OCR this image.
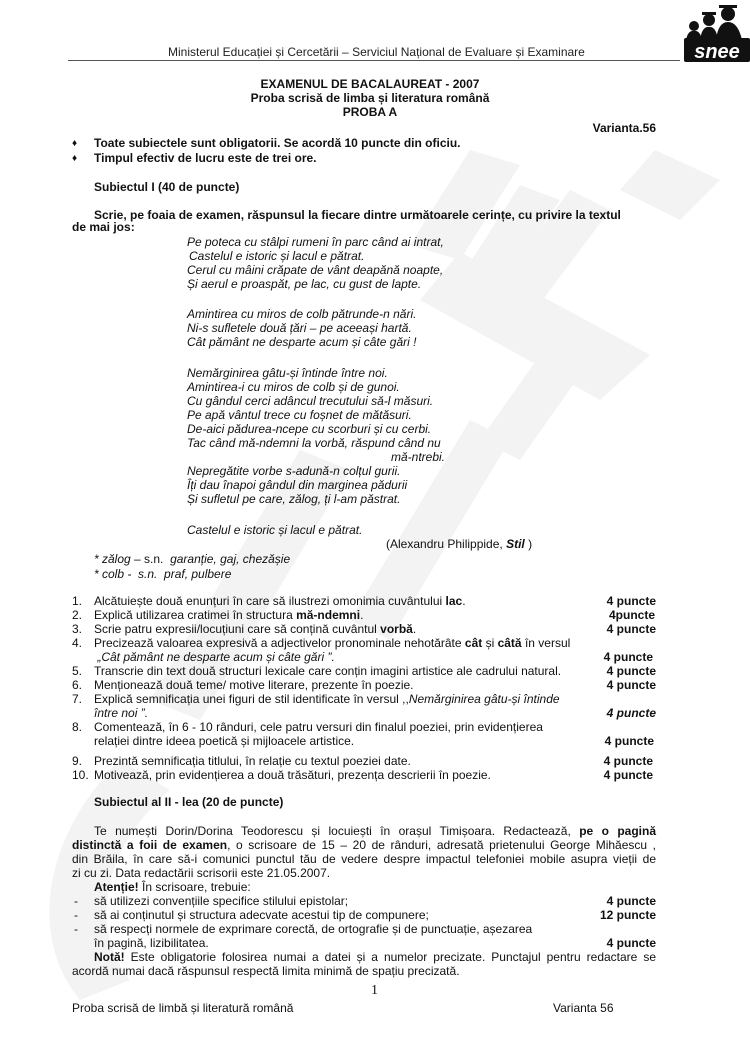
Ministerul Educației și Cercetării – Serviciul Național de Evaluare și Examinare	snee
EXAMENUL DE BACALAUREAT - 2007
Proba scrisă de limba și literatura română
PROBA A
Varianta.56
♦ Toate subiectele sunt obligatorii. Se acordă 10 puncte din oficiu.
♦ Timpul efectiv de lucru este de trei ore.
Subiectul I (40 de puncte)
Scrie, pe foaia de examen, răspunsul la fiecare dintre următoarele cerințe, cu privire la textul
de mai jos:
Pe poteca cu stâlpi rumeni în parc când ai intrat,
Castelul e istoric și lacul e pătrat.
Cerul cu mâini crăpate de vânt deapănă noapte,
Și aerul e proaspăt, pe lac, cu gust de lapte.
Amintirea cu miros de colb pătrunde-n nări.
Ni-s sufletele două țări – pe aceeași hartă.
Cât pământ ne desparte acum și câte gări !
Nemărginirea gâtu-și întinde între noi.
Amintirea-i cu miros de colb și de gunoi.
Cu gândul cerci adâncul trecutului să-l măsuri.
Pe apă vântul trece cu foșnet de mătăsuri.
De-aici pădurea-ncepe cu scorburi și cu cerbi.
Tac când mă-ndemni la vorbă, răspund când nu
mă-ntrebi.
Nepregătite vorbe s-adună-n colțul gurii.
Îți dau înapoi gândul din marginea pădurii
Și sufletul pe care, zălog, ți l-am păstrat.
Castelul e istoric și lacul e pătrat.
(Alexandru Philippide, Stil )
* zălog – s.n.  garanție, gaj, chezășie
* colb -  s.n.  praf, pulbere
1. Alcătuiește două enunțuri în care să ilustrezi omonimia cuvântului lac.	4 puncte
2. Explică utilizarea cratimei în structura mă-ndemni.	4puncte
3. Scrie patru expresii/locuțiuni care să conțină cuvântul vorbă.	4 puncte
4. Precizează valoarea expresivă a adjectivelor pronominale nehotărâte cât și câtă în versul
„Cât pământ ne desparte acum și câte gări ”.	4 puncte
5. Transcrie din text două structuri lexicale care conțin imagini artistice ale cadrului natural.	4 puncte
6. Menționează două teme/ motive literare, prezente în poezie.	4 puncte
7. Explică semnificația unei figuri de stil identificate în versul ,,Nemărginirea gâtu-și întinde
între noi ”.	4 puncte
8. Comentează, în 6 - 10 rânduri, cele patru versuri din finalul poeziei, prin evidențierea
relației dintre ideea poetică și mijloacele artistice.	4 puncte
9. Prezintă semnificația titlului, în relație cu textul poeziei date.	4 puncte
10. Motivează, prin evidențierea a două trăsături, prezența descrierii în poezie.	4 puncte
Subiectul al II - lea (20 de puncte)
Te numești Dorin/Dorina Teodorescu și locuiești în orașul Timișoara. Redactează, pe o pagină
distinctă a foii de examen, o scrisoare de 15 – 20 de rânduri, adresată prietenului George Mihăescu ,
din Brăila, în care să-i comunici punctul tău de vedere despre impactul telefoniei mobile asupra vieții de
zi cu zi. Data redactării scrisorii este 21.05.2007.
Atenție! În scrisoare, trebuie:
- să utilizezi convențiile specifice stilului epistolar;	4 puncte
- să ai conținutul și structura adecvate acestui tip de compunere;	12 puncte
- să respecți normele de exprimare corectă, de ortografie și de punctuație, așezarea
în pagină, lizibilitatea.	4 puncte
Notă! Este obligatorie folosirea numai a datei și a numelor precizate. Punctajul pentru redactare se
acordă numai dacă răspunsul respectă limita minimă de spațiu precizată.
1
Proba scrisă de limbă și literatură română	Varianta 56
